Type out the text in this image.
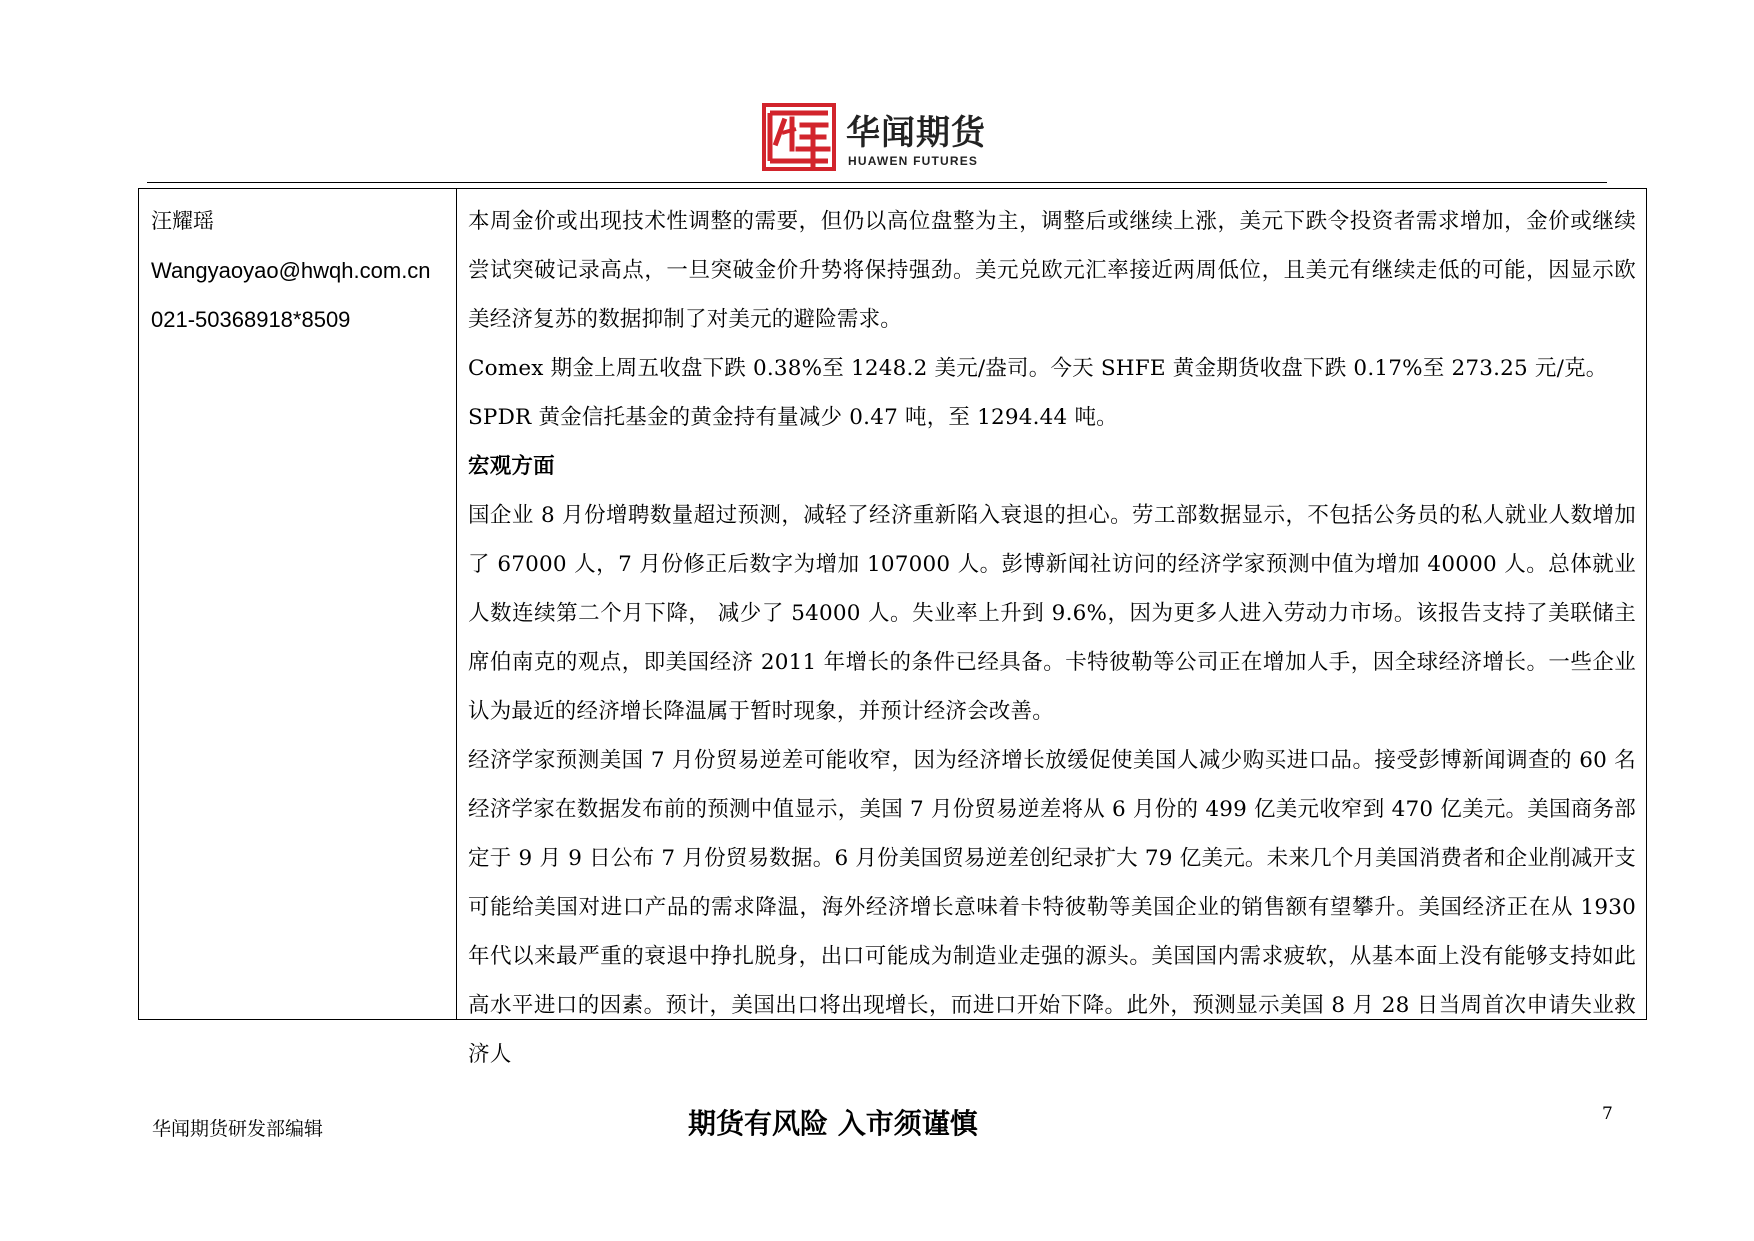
华闻期货
HUAWEN FUTURES
汪耀瑶
Wangyaoyao@hwqh.com.cn
021-50368918*8509

本周金价或出现技术性调整的需要，但仍以高位盘整为主，调整后或继续上涨，美元下跌令投资者需求增加，金价或继续尝试突破记录高点，一旦突破金价升势将保持强劲。美元兑欧元汇率接近两周低位，且美元有继续走低的可能，因显示欧美经济复苏的数据抑制了对美元的避险需求。

Comex 期金上周五收盘下跌 0.38%至 1248.2 美元/盎司。今天 SHFE 黄金期货收盘下跌 0.17%至 273.25 元/克。

SPDR 黄金信托基金的黄金持有量减少 0.47 吨，至 1294.44 吨。

宏观方面

国企业 8 月份增聘数量超过预测，减轻了经济重新陷入衰退的担心。劳工部数据显示，不包括公务员的私人就业人数增加了 67000 人，7 月份修正后数字为增加 107000 人。彭博新闻社访问的经济学家预测中值为增加 40000 人。总体就业人数连续第二个月下降， 减少了 54000 人。失业率上升到 9.6%，因为更多人进入劳动力市场。该报告支持了美联储主席伯南克的观点，即美国经济 2011 年增长的条件已经具备。卡特彼勒等公司正在增加人手，因全球经济增长。一些企业认为最近的经济增长降温属于暂时现象，并预计经济会改善。

经济学家预测美国 7 月份贸易逆差可能收窄，因为经济增长放缓促使美国人减少购买进口品。接受彭博新闻调查的 60 名经济学家在数据发布前的预测中值显示，美国 7 月份贸易逆差将从 6 月份的 499 亿美元收窄到 470 亿美元。美国商务部定于 9 月 9 日公布 7 月份贸易数据。6 月份美国贸易逆差创纪录扩大 79 亿美元。未来几个月美国消费者和企业削减开支可能给美国对进口产品的需求降温，海外经济增长意味着卡特彼勒等美国企业的销售额有望攀升。美国经济正在从 1930 年代以来最严重的衰退中挣扎脱身，出口可能成为制造业走强的源头。美国国内需求疲软，从基本面上没有能够支持如此高水平进口的因素。预计，美国出口将出现增长，而进口开始下降。此外，预测显示美国 8 月 28 日当周首次申请失业救济人

华闻期货研发部编辑	期货有风险 入市须谨慎	7
